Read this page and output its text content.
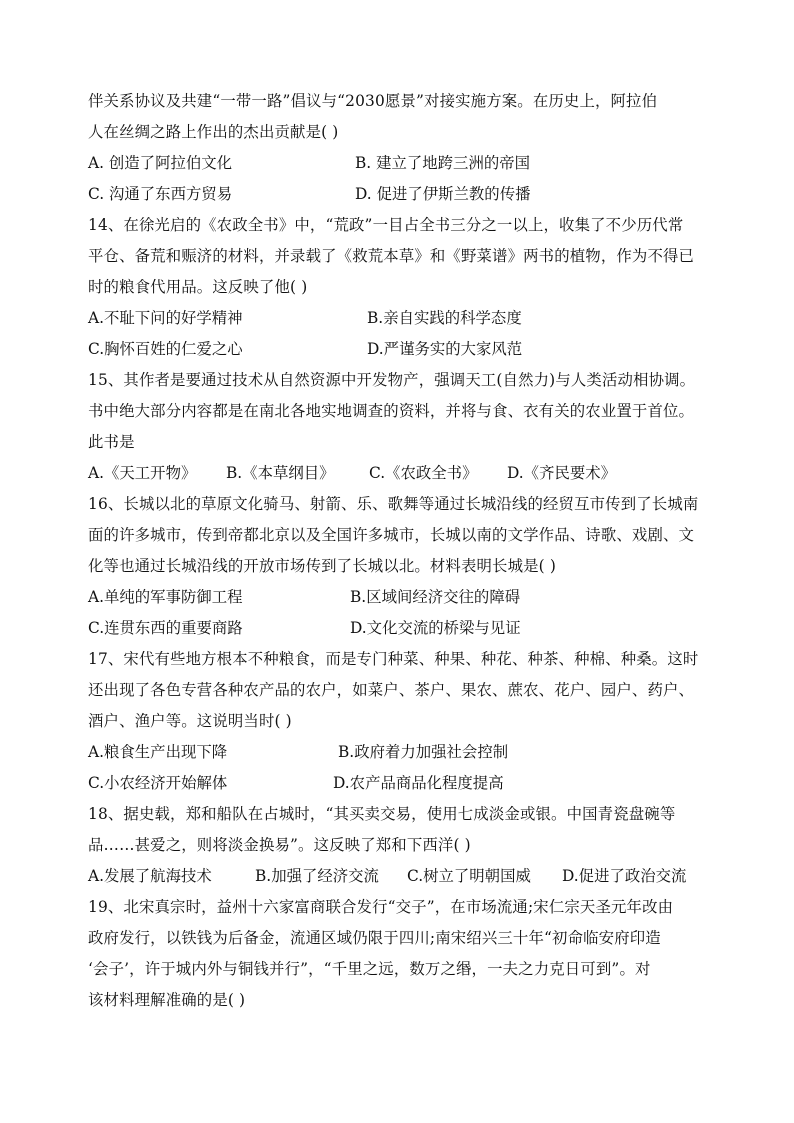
伴关系协议及共建“一带一路”倡议与“2030愿景”对接实施方案。在历史上，阿拉伯
人在丝绸之路上作出的杰出贡献是( )
A. 创造了阿拉伯文化	B. 建立了地跨三洲的帝国
C. 沟通了东西方贸易	D. 促进了伊斯兰教的传播
14、在徐光启的《农政全书》中，“荒政”一目占全书三分之一以上，收集了不少历代常
平仓、备荒和赈济的材料，并录载了《救荒本草》和《野菜谱》两书的植物，作为不得已
时的粮食代用品。这反映了他( )
A.不耻下问的好学精神	B.亲自实践的科学态度
C.胸怀百姓的仁爱之心	D.严谨务实的大家风范
15、其作者是要通过技术从自然资源中开发物产，强调天工(自然力)与人类活动相协调。
书中绝大部分内容都是在南北各地实地调查的资料，并将与食、衣有关的农业置于首位。
此书是
A.《天工开物》 B.《本草纲目》 C.《农政全书》 D.《齐民要术》
16、长城以北的草原文化骑马、射箭、乐、歌舞等通过长城沿线的经贸互市传到了长城南
面的许多城市，传到帝都北京以及全国许多城市，长城以南的文学作品、诗歌、戏剧、文
化等也通过长城沿线的开放市场传到了长城以北。材料表明长城是( )
A.单纯的军事防御工程	B.区域间经济交往的障碍
C.连贯东西的重要商路	D.文化交流的桥梁与见证
17、宋代有些地方根本不种粮食，而是专门种菜、种果、种花、种茶、种棉、种桑。这时
还出现了各色专营各种农产品的农户，如菜户、茶户、果农、蔗农、花户、园户、药户、
酒户、渔户等。这说明当时( )
A.粮食生产出现下降	B.政府着力加强社会控制
C.小农经济开始解体	D.农产品商品化程度提高
18、据史载，郑和船队在占城时，“其买卖交易，使用七成淡金或银。中国青瓷盘碗等
品……甚爱之，则将淡金换易”。这反映了郑和下西洋( )
A.发展了航海技术	B.加强了经济交流 C.树立了明朝国威 D.促进了政治交流
19、北宋真宗时，益州十六家富商联合发行“交子”，在市场流通;宋仁宗天圣元年改由
政府发行，以铁钱为后备金，流通区域仍限于四川;南宋绍兴三十年“初命临安府印造
‘会子’，许于城内外与铜钱并行”，“千里之远，数万之缗，一夫之力克日可到”。对
该材料理解准确的是( )
